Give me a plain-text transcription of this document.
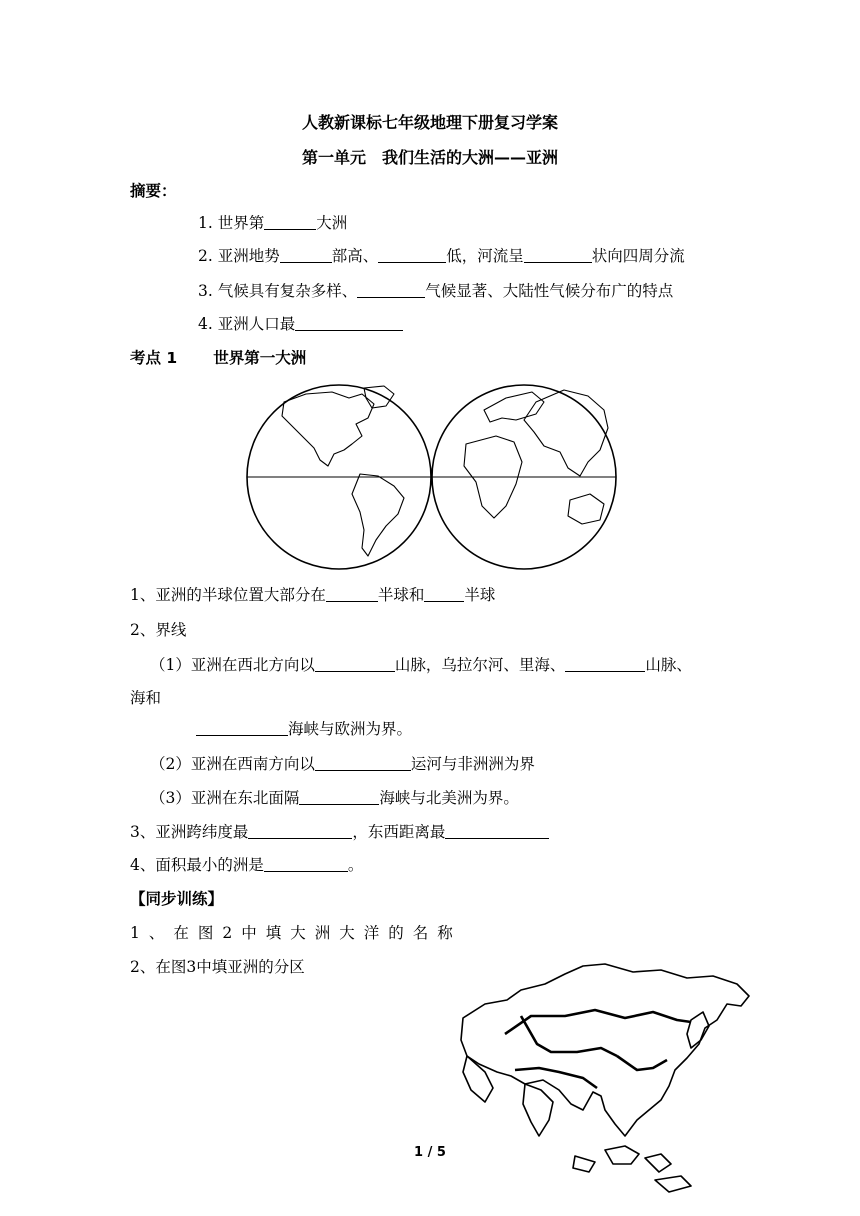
人教新课标七年级地理下册复习学案
第一单元　我们生活的大洲——亚洲
摘要：
1. 世界第	大洲
2. 亚洲地势	部高、	低，河流呈	状向四周分流
3. 气候具有复杂多样、	气候显著、大陆性气候分布广的特点
4. 亚洲人口最
考点 1 世界第一大洲
1、亚洲的半球位置大部分在	半球和	半球
2、界线
（1）亚洲在西北方向以	山脉，乌拉尔河、里海、	山脉、
海和
海峡与欧洲为界。
（2）亚洲在西南方向以	运河与非洲洲为界
（3）亚洲在东北面隔	海峡与北美洲为界。
3、亚洲跨纬度最	，东西距离最
4、面积最小的洲是	。
【同步训练】
1、在图2中填大洲大洋的名称
2、在图3中填亚洲的分区
1 / 5
